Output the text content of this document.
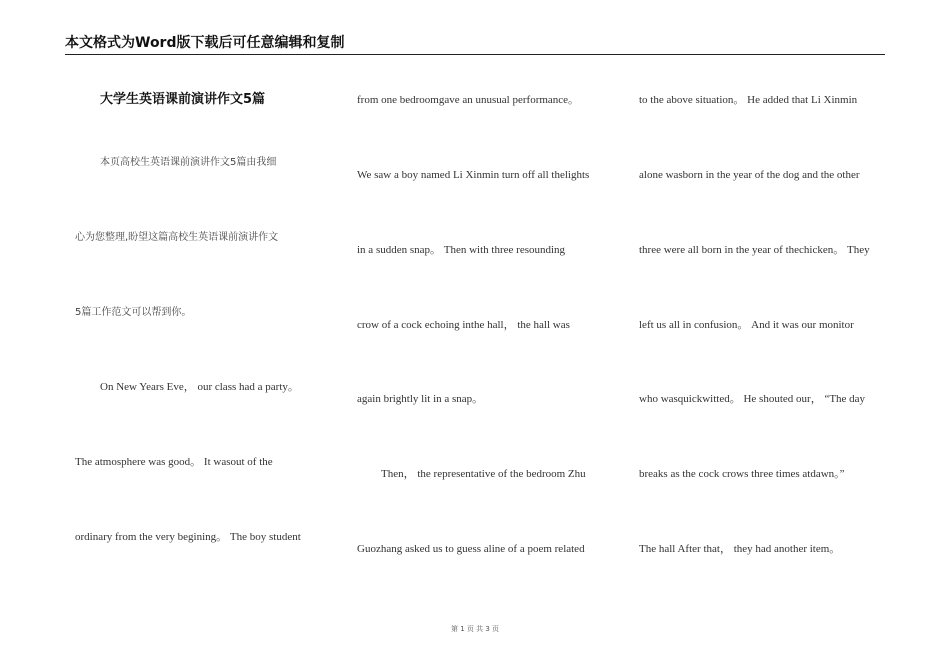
本文格式为Word版下载后可任意编辑和复制
大学生英语课前演讲作文5篇
本页高校生英语课前演讲作文5篇由我细
心为您整理,盼望这篇高校生英语课前演讲作文
5篇工作范文可以帮到你。
On New Years Eve， our class had a party。
The atmosphere was good。 It wasout of the
ordinary from the very begining。 The boy student
from one bedroomgave an unusual performance。
We saw a boy named Li Xinmin turn off all thelights
in a sudden snap。 Then with three resounding
crow of a cock echoing inthe hall， the hall was
again brightly lit in a snap。
Then， the representative of the bedroom Zhu
Guozhang asked us to guess aline of a poem related
to the above situation。 He added that Li Xinmin
alone wasborn in the year of the dog and the other
three were all born in the year of thechicken。 They
left us all in confusion。 And it was our monitor
who wasquickwitted。 He shouted our， “The day
breaks as the cock crows three times atdawn。”
The hall After that， they had another item。
第 1 页 共 3 页
